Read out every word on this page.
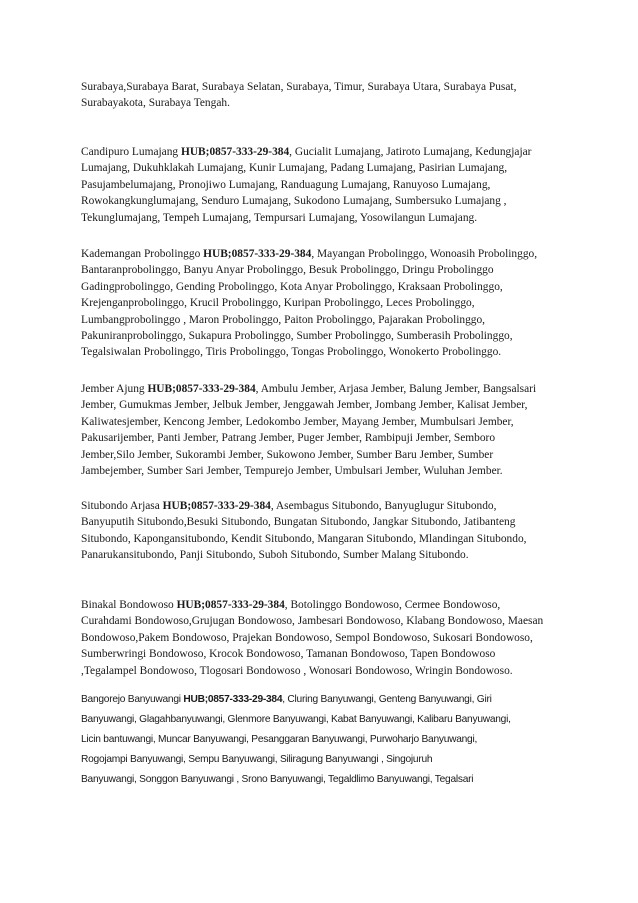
Surabaya,Surabaya Barat, Surabaya Selatan, Surabaya, Timur, Surabaya Utara, Surabaya Pusat,
Surabayakota, Surabaya Tengah.
Candipuro Lumajang HUB;0857-333-29-384, Gucialit Lumajang, Jatiroto Lumajang, Kedungjajar
Lumajang, Dukuhklakah Lumajang, Kunir Lumajang, Padang Lumajang, Pasirian Lumajang,
Pasujambelumajang, Pronojiwo Lumajang, Randuagung Lumajang, Ranuyoso Lumajang,
Rowokangkunglumajang, Senduro Lumajang, Sukodono Lumajang, Sumbersuko Lumajang ,
Tekunglumajang, Tempeh Lumajang, Tempursari Lumajang, Yosowilangun Lumajang.
Kademangan Probolinggo HUB;0857-333-29-384, Mayangan Probolinggo, Wonoasih Probolinggo,
Bantaranprobolinggo, Banyu Anyar Probolinggo, Besuk Probolinggo, Dringu Probolinggo
Gadingprobolinggo, Gending Probolinggo, Kota Anyar Probolinggo, Kraksaan Probolinggo,
Krejenganprobolinggo, Krucil Probolinggo, Kuripan Probolinggo, Leces Probolinggo,
Lumbangprobolinggo , Maron Probolinggo, Paiton Probolinggo, Pajarakan Probolinggo,
Pakuniranprobolinggo, Sukapura Probolinggo, Sumber Probolinggo, Sumberasih Probolinggo,
Tegalsiwalan Probolinggo, Tiris Probolinggo, Tongas Probolinggo, Wonokerto Probolinggo.
Jember Ajung HUB;0857-333-29-384, Ambulu Jember, Arjasa Jember, Balung Jember, Bangsalsari
Jember, Gumukmas Jember, Jelbuk Jember, Jenggawah Jember, Jombang Jember, Kalisat Jember,
Kaliwatesjember, Kencong Jember, Ledokombo Jember, Mayang Jember, Mumbulsari Jember,
Pakusarijember, Panti Jember, Patrang Jember, Puger Jember, Rambipuji Jember, Semboro
Jember,Silo Jember, Sukorambi Jember, Sukowono Jember, Sumber Baru Jember, Sumber
Jambejember, Sumber Sari Jember, Tempurejo Jember, Umbulsari Jember, Wuluhan Jember.
Situbondo Arjasa HUB;0857-333-29-384, Asembagus Situbondo, Banyuglugur Situbondo,
Banyuputih Situbondo,Besuki Situbondo, Bungatan Situbondo, Jangkar Situbondo, Jatibanteng
Situbondo, Kapongansitubondo, Kendit Situbondo, Mangaran Situbondo, Mlandingan Situbondo,
Panarukansitubondo, Panji Situbondo, Suboh Situbondo, Sumber Malang Situbondo.
Binakal Bondowoso HUB;0857-333-29-384, Botolinggo Bondowoso, Cermee Bondowoso,
Curahdami Bondowoso,Grujugan Bondowoso, Jambesari Bondowoso, Klabang Bondowoso, Maesan
Bondowoso,Pakem Bondowoso, Prajekan Bondowoso, Sempol Bondowoso, Sukosari Bondowoso,
Sumberwringi Bondowoso, Krocok Bondowoso, Tamanan Bondowoso, Tapen Bondowoso
,Tegalampel Bondowoso, Tlogosari Bondowoso , Wonosari Bondowoso, Wringin Bondowoso.
Bangorejo Banyuwangi HUB;0857-333-29-384, Cluring Banyuwangi, Genteng Banyuwangi, Giri
Banyuwangi, Glagahbanyuwangi, Glenmore Banyuwangi, Kabat Banyuwangi, Kalibaru Banyuwangi,
Licin bantuwangi, Muncar Banyuwangi, Pesanggaran Banyuwangi, Purwoharjo Banyuwangi,
Rogojampi Banyuwangi, Sempu Banyuwangi, Siliragung Banyuwangi , Singojuruh
Banyuwangi, Songgon Banyuwangi , Srono Banyuwangi, Tegaldlimo Banyuwangi, Tegalsari
